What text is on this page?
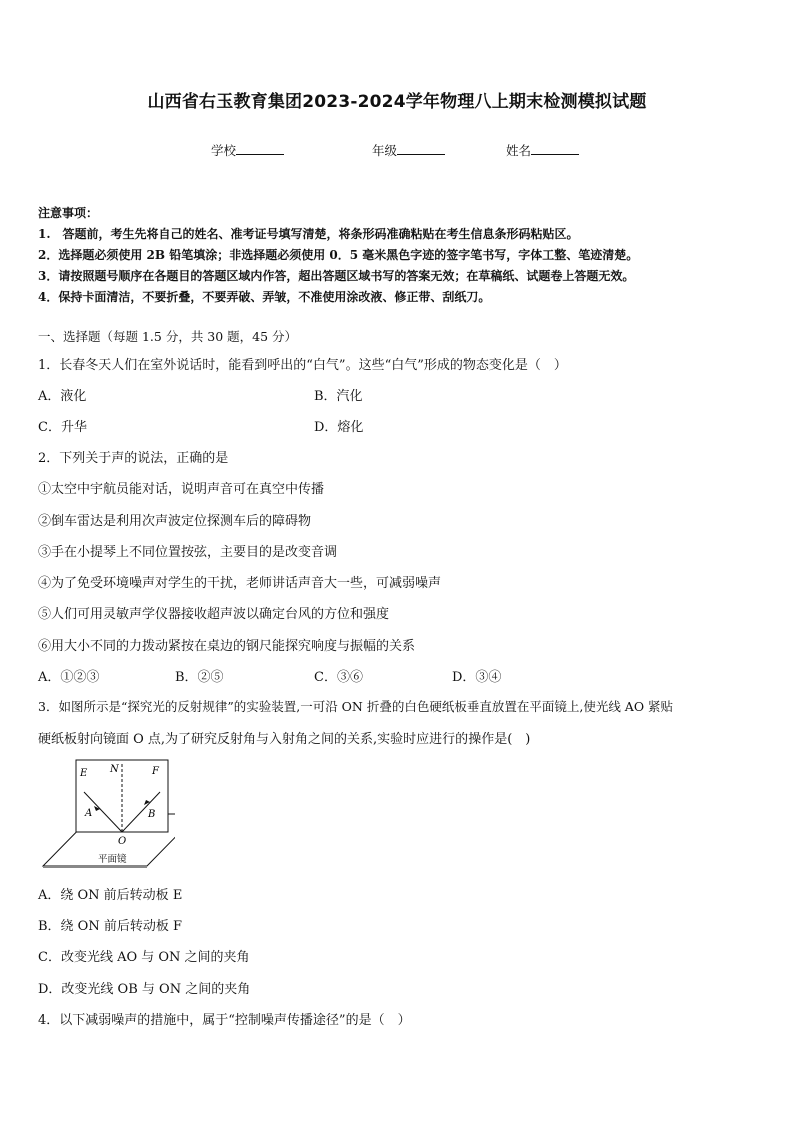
山西省右玉教育集团2023-2024学年物理八上期末检测模拟试题
学校	年级	姓名
注意事项：
1.　答题前，考生先将自己的姓名、准考证号填写清楚，将条形码准确粘贴在考生信息条形码粘贴区。
2．选择题必须使用 2B 铅笔填涂；非选择题必须使用 0．5 毫米黑色字迹的签字笔书写，字体工整、笔迹清楚。
3．请按照题号顺序在各题目的答题区域内作答，超出答题区域书写的答案无效；在草稿纸、试题卷上答题无效。
4．保持卡面清洁，不要折叠，不要弄破、弄皱，不准使用涂改液、修正带、刮纸刀。
一、选择题（每题 1.5 分，共 30 题，45 分）
1．长春冬天人们在室外说话时，能看到呼出的“白气”。这些“白气”形成的物态变化是（　）
A．液化	B．汽化
C．升华	D．熔化
2．下列关于声的说法，正确的是
①太空中宇航员能对话，说明声音可在真空中传播
②倒车雷达是利用次声波定位探测车后的障碍物
③手在小提琴上不同位置按弦，主要目的是改变音调
④为了免受环境噪声对学生的干扰，老师讲话声音大一些，可减弱噪声
⑤人们可用灵敏声学仪器接收超声波以确定台风的方位和强度
⑥用大小不同的力拨动紧按在桌边的钢尺能探究响度与振幅的关系
A．①②③	B．②⑤	C．③⑥	D．③④
3．如图所示是“探究光的反射规律”的实验装置,一可沿 ON 折叠的白色硬纸板垂直放置在平面镜上,使光线 AO 紧贴
硬纸板射向镜面 O 点,为了研究反射角与入射角之间的关系,实验时应进行的操作是(　)
E N	F
A	B
O
平面镜
A．绕 ON 前后转动板 E
B．绕 ON 前后转动板 F
C．改变光线 AO 与 ON 之间的夹角
D．改变光线 OB 与 ON 之间的夹角
4．以下减弱噪声的措施中，属于“控制噪声传播途径”的是（　）
